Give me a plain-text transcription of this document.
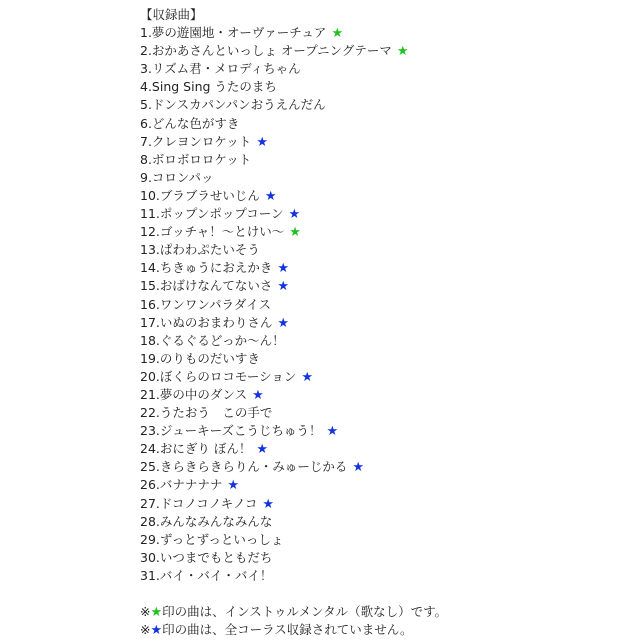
【収録曲】
1.夢の遊園地・オーヴァーチュア ★
2.おかあさんといっしょ オープニングテーマ ★
3.リズム君・メロディちゃん
4.Sing Sing うたのまち
5.ドンスカパンパンおうえんだん
6.どんな色がすき
7.クレヨンロケット ★
8.ボロボロロケット
9.コロンパッ
10.ブラブラせいじん ★
11.ポップンポップコーン ★
12.ゴッチャ！～とけい～ ★
13.ぱわわぷたいそう
14.ちきゅうにおえかき ★
15.おばけなんてないさ ★
16.ワンワンパラダイス
17.いぬのおまわりさん ★
18.ぐるぐるどっか～ん！
19.のりものだいすき
20.ぼくらのロコモーション ★
21.夢の中のダンス ★
22.うたおう　この手で
23.ジューキーズこうじちゅう！ ★
24.おにぎり ぼん！ ★
25.きらきらきらりん・みゅーじかる ★
26.バナナナナ ★
27.ドコノコノキノコ ★
28.みんなみんなみんな
29.ずっとずっといっしょ
30.いつまでもともだち
31.バイ・バイ・バイ！
※★印の曲は、インストゥルメンタル（歌なし）です。
※★印の曲は、全コーラス収録されていません。
